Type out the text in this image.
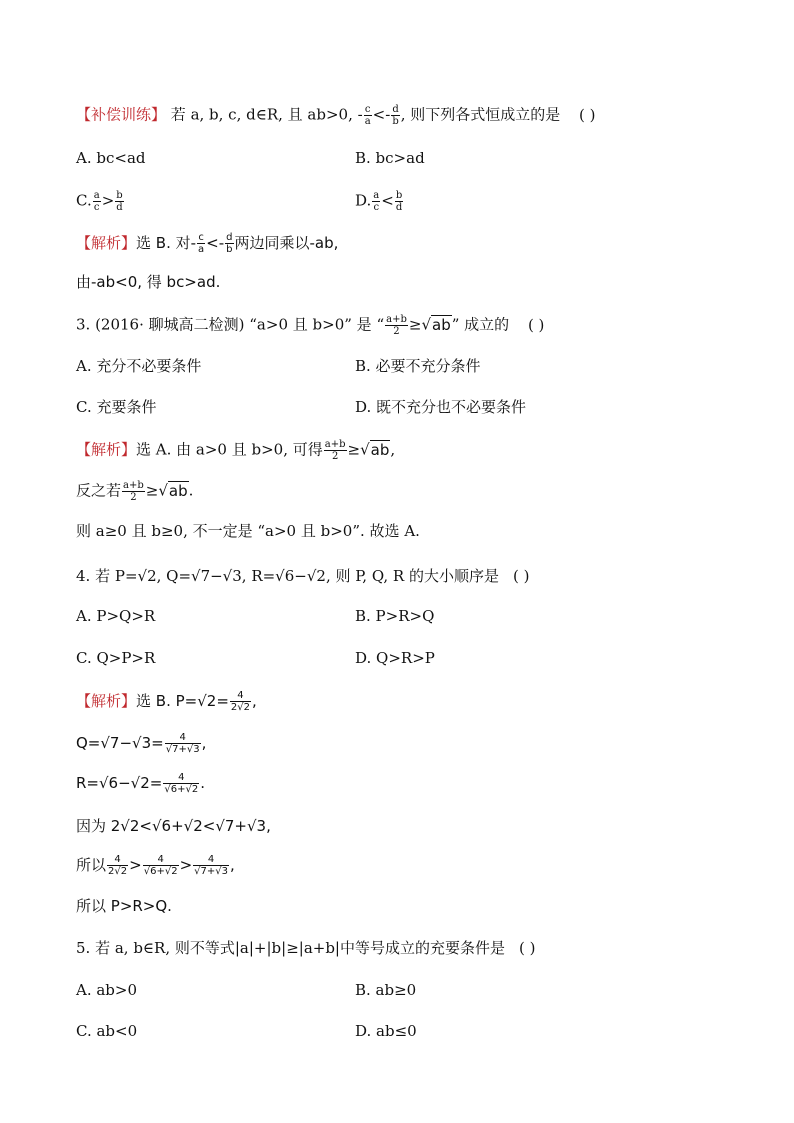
【补偿训练】 若 a, b, c, d∈R, 且 ab>0, - $\frac{c}{a} <- \frac{d}{b}$ , 则下列各式恒成立的是 ( )
A. bc<ad	B. bc>ad
C. $\frac{a}{c} > \frac{b}{d}$	D. $\frac{a}{c} < \frac{b}{d}$
【解析】选 B. 对- $\frac{c}{a} <- \frac{d}{b}$ 两边同乘以-ab,
由-ab<0, 得 bc>ad.
3. (2016· 聊城高二检测) “a>0 且 b>0” 是 “ $\frac{a+b}{2} \ge√ab$” 成立的 ( )
A. 充分不必要条件	B. 必要不充分条件
C. 充要条件	D. 既不充分也不必要条件
【解析】选 A. 由 a>0 且 b>0, 可得 $\frac{a+b}{2} \ge√ab$,
反之若 $\frac{a+b}{2} \ge√ab$.
则 a≥0 且 b≥0, 不一定是 “a>0 且 b>0”. 故选 A.
4. 若 P=√2, Q=√7−√3, R=√6−√2, 则 P, Q, R 的大小顺序是 ( )
A. P>Q>R	B. P>R>Q
C. Q>P>R	D. Q>R>P
【解析】选 B. $P=√2= \frac{4}{2√2}$ ,
$Q=√7-√3= \frac{4}{√7+√3}$ ,
$R=√6-√2= \frac{4}{√6+√2}$ .
因为 2√2<√6+√2<√7+√3,
所以 $\frac{4}{2√2} > \frac{4}{√6+√2} > \frac{4}{√7+√3}$ ,
所以 P>R>Q.
5. 若 a, b∈R, 则不等式|a|+|b|≥|a+b|中等号成立的充要条件是 ( )
A. ab>0	B. ab≥0
C. ab<0	D. ab≤0
